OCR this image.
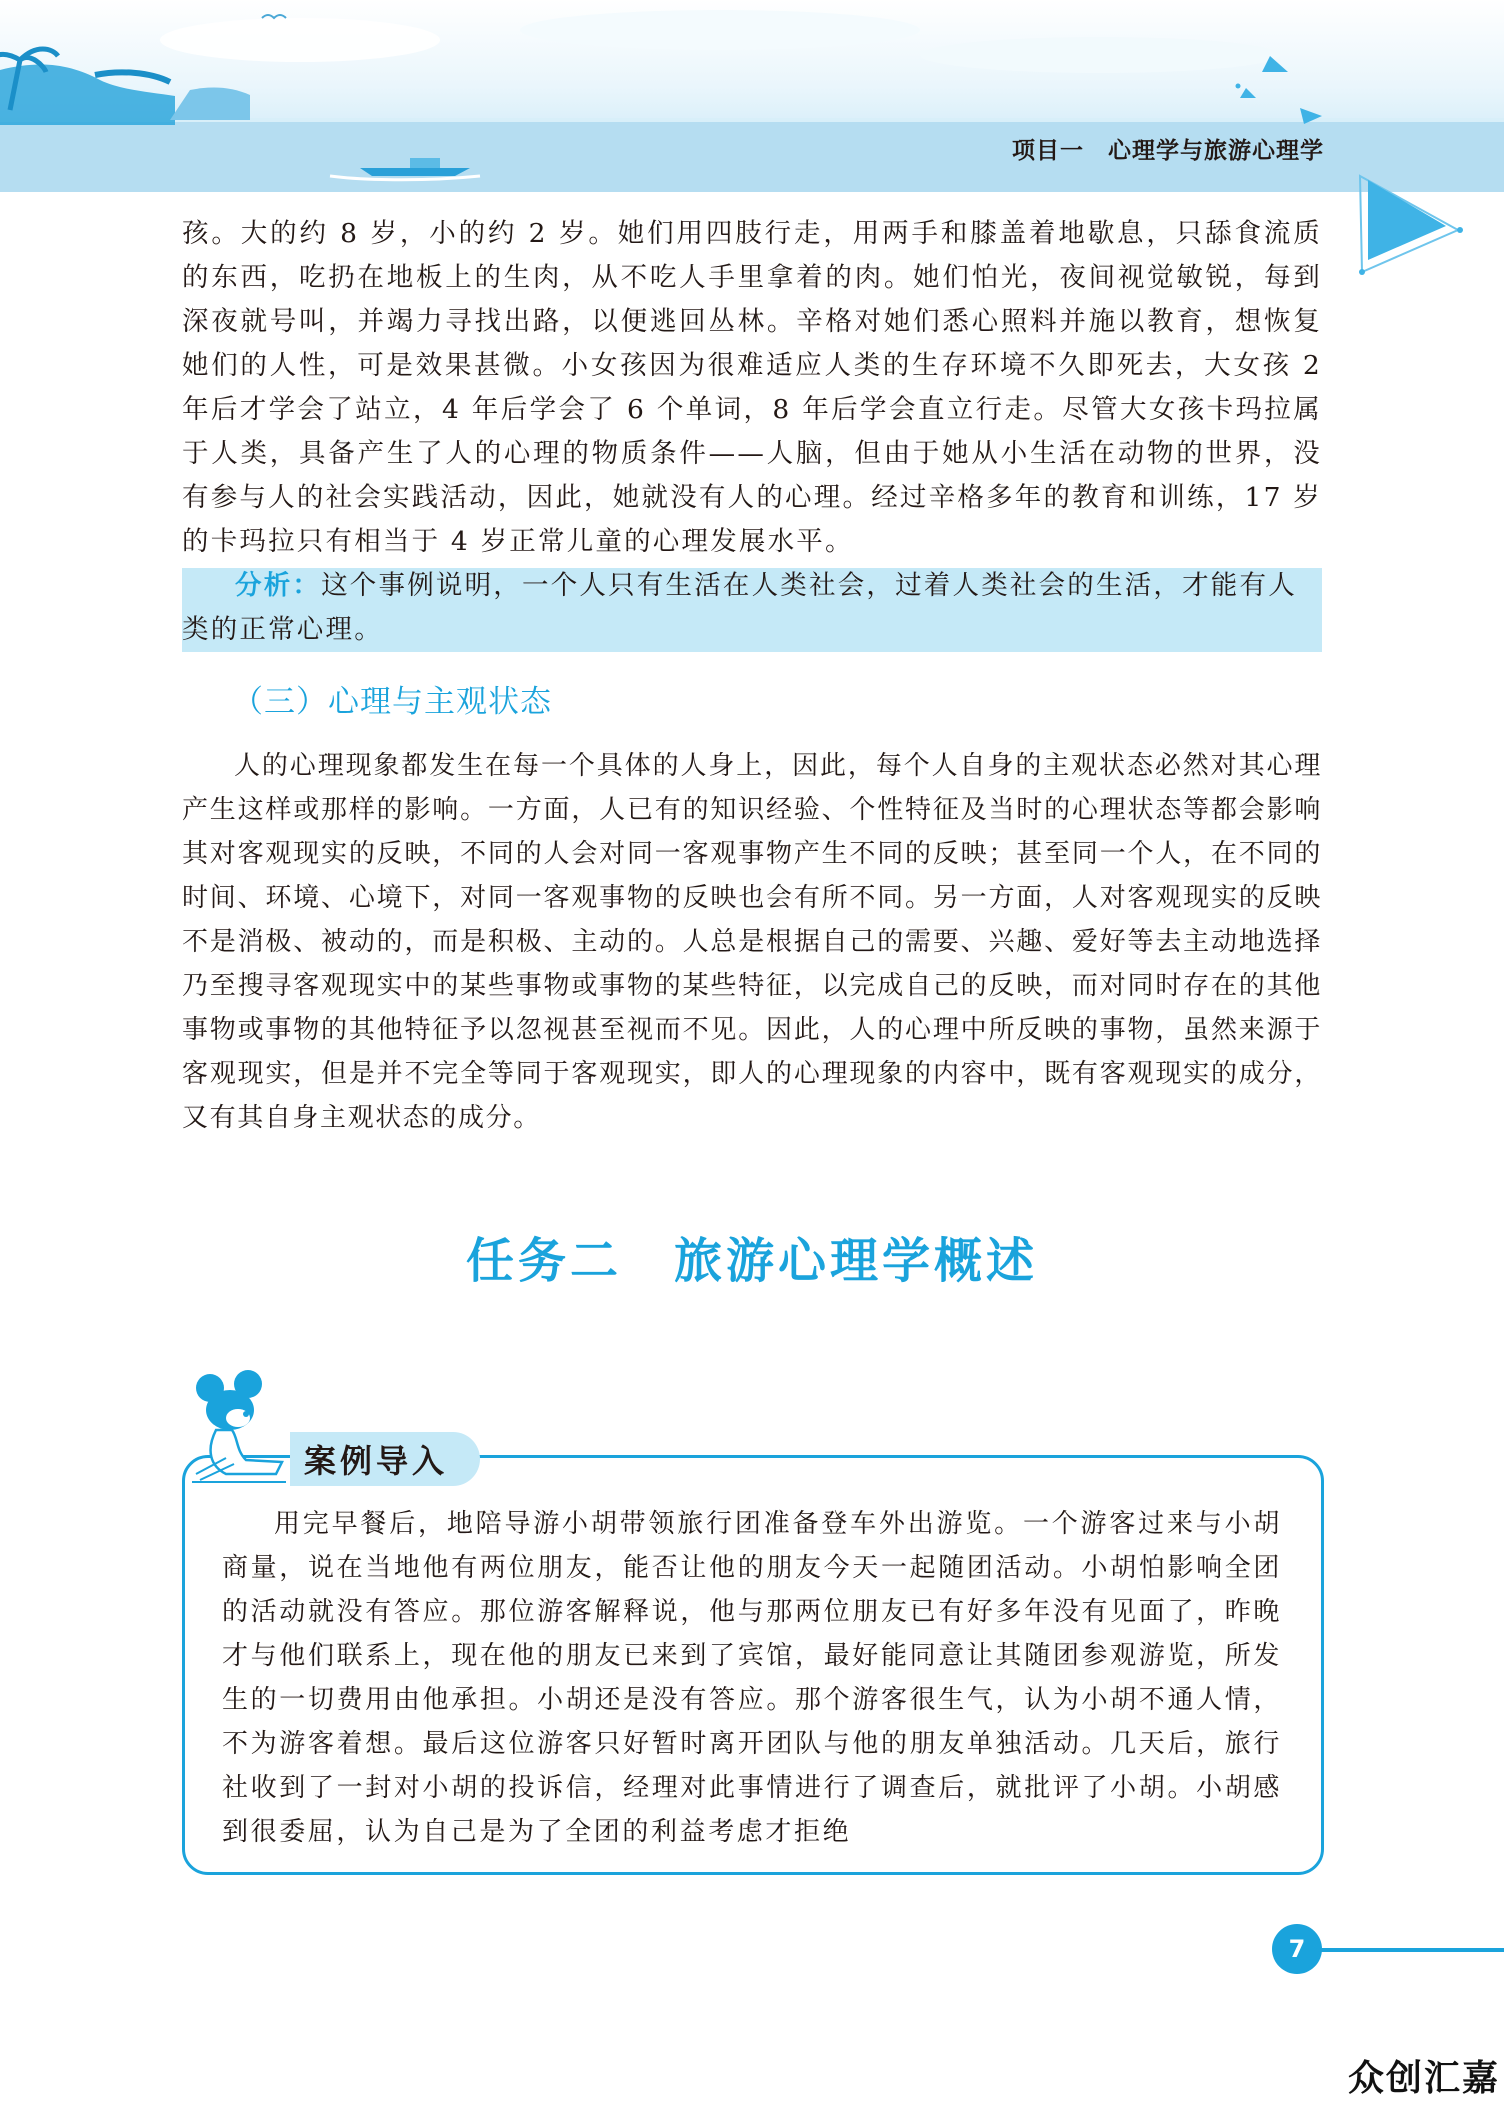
项目一　心理学与旅游心理学

孩。大的约 8 岁，小的约 2 岁。她们用四肢行走，用两手和膝盖着地歇息，只舔食流质的东西，吃扔在地板上的生肉，从不吃人手里拿着的肉。她们怕光，夜间视觉敏锐，每到深夜就号叫，并竭力寻找出路，以便逃回丛林。辛格对她们悉心照料并施以教育，想恢复她们的人性，可是效果甚微。小女孩因为很难适应人类的生存环境不久即死去，大女孩 2 年后才学会了站立，4 年后学会了 6 个单词，8 年后学会直立行走。尽管大女孩卡玛拉属于人类，具备产生了人的心理的物质条件——人脑，但由于她从小生活在动物的世界，没有参与人的社会实践活动，因此，她就没有人的心理。经过辛格多年的教育和训练，17 岁的卡玛拉只有相当于 4 岁正常儿童的心理发展水平。

分析：这个事例说明，一个人只有生活在人类社会，过着人类社会的生活，才能有人类的正常心理。

（三）心理与主观状态

人的心理现象都发生在每一个具体的人身上，因此，每个人自身的主观状态必然对其心理产生这样或那样的影响。一方面，人已有的知识经验、个性特征及当时的心理状态等都会影响其对客观现实的反映，不同的人会对同一客观事物产生不同的反映；甚至同一个人，在不同的时间、环境、心境下，对同一客观事物的反映也会有所不同。另一方面，人对客观现实的反映不是消极、被动的，而是积极、主动的。人总是根据自己的需要、兴趣、爱好等去主动地选择乃至搜寻客观现实中的某些事物或事物的某些特征，以完成自己的反映，而对同时存在的其他事物或事物的其他特征予以忽视甚至视而不见。因此，人的心理中所反映的事物，虽然来源于客观现实，但是并不完全等同于客观现实，即人的心理现象的内容中，既有客观现实的成分，又有其自身主观状态的成分。

任务二　旅游心理学概述
案例导入

用完早餐后，地陪导游小胡带领旅行团准备登车外出游览。一个游客过来与小胡商量，说在当地他有两位朋友，能否让他的朋友今天一起随团活动。小胡怕影响全团的活动就没有答应。那位游客解释说，他与那两位朋友已有好多年没有见面了，昨晚才与他们联系上，现在他的朋友已来到了宾馆，最好能同意让其随团参观游览，所发生的一切费用由他承担。小胡还是没有答应。那个游客很生气，认为小胡不通人情，不为游客着想。最后这位游客只好暂时离开团队与他的朋友单独活动。几天后，旅行社收到了一封对小胡的投诉信，经理对此事情进行了调查后，就批评了小胡。小胡感到很委屈，认为自己是为了全团的利益考虑才拒绝

7
众创汇嘉
